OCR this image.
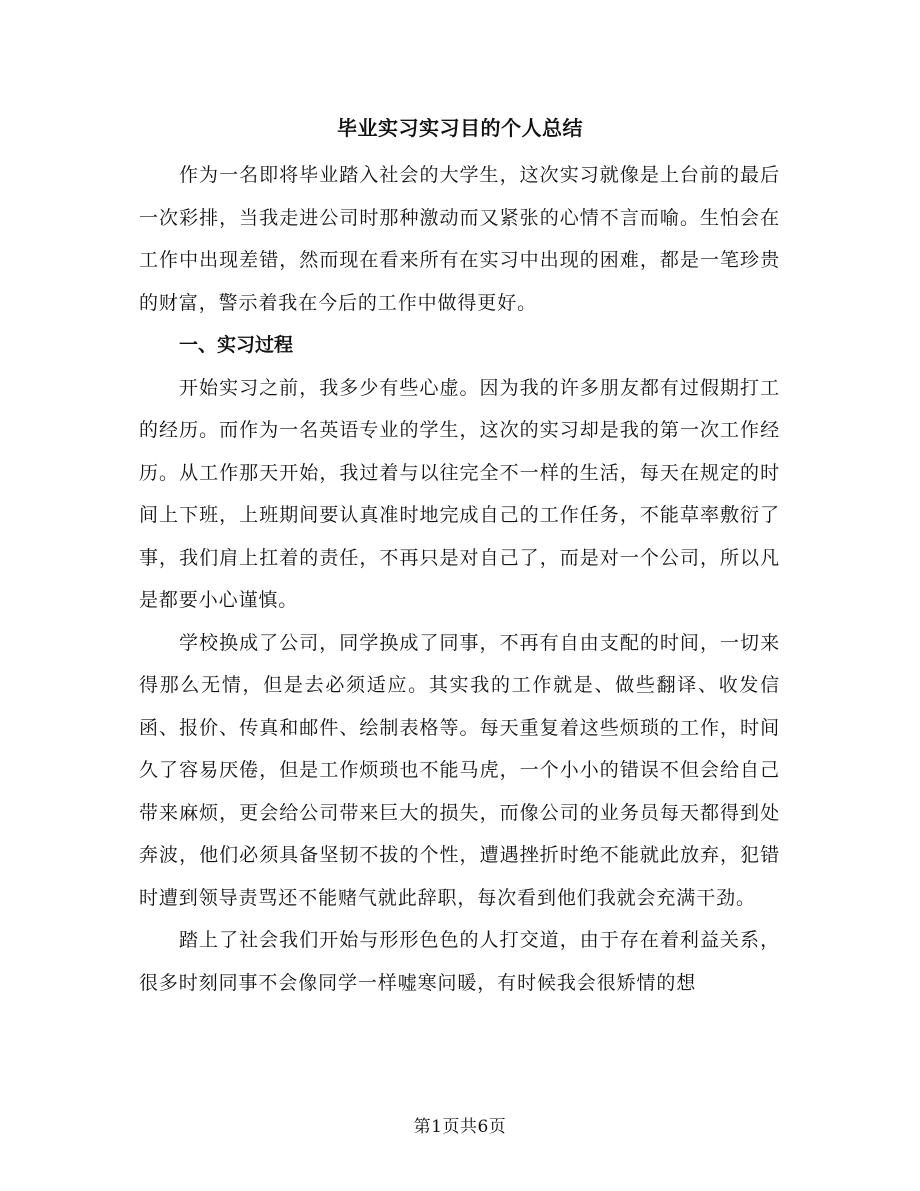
毕业实习实习目的个人总结

作为一名即将毕业踏入社会的大学生，这次实习就像是上台前的最后一次彩排，当我走进公司时那种激动而又紧张的心情不言而喻。生怕会在工作中出现差错，然而现在看来所有在实习中出现的困难，都是一笔珍贵的财富，警示着我在今后的工作中做得更好。

一、实习过程

开始实习之前，我多少有些心虚。因为我的许多朋友都有过假期打工的经历。而作为一名英语专业的学生，这次的实习却是我的第一次工作经历。从工作那天开始，我过着与以往完全不一样的生活，每天在规定的时间上下班，上班期间要认真准时地完成自己的工作任务，不能草率敷衍了事，我们肩上扛着的责任，不再只是对自己了，而是对一个公司，所以凡是都要小心谨慎。

学校换成了公司，同学换成了同事，不再有自由支配的时间，一切来得那么无情，但是去必须适应。其实我的工作就是、做些翻译、收发信函、报价、传真和邮件、绘制表格等。每天重复着这些烦琐的工作，时间久了容易厌倦，但是工作烦琐也不能马虎，一个小小的错误不但会给自己带来麻烦，更会给公司带来巨大的损失，而像公司的业务员每天都得到处奔波，他们必须具备坚韧不拔的个性，遭遇挫折时绝不能就此放弃，犯错时遭到领导责骂还不能赌气就此辞职，每次看到他们我就会充满干劲。

踏上了社会我们开始与形形色色的人打交道，由于存在着利益关系，很多时刻同事不会像同学一样嘘寒问暖，有时候我会很矫情的想

第1页共6页
